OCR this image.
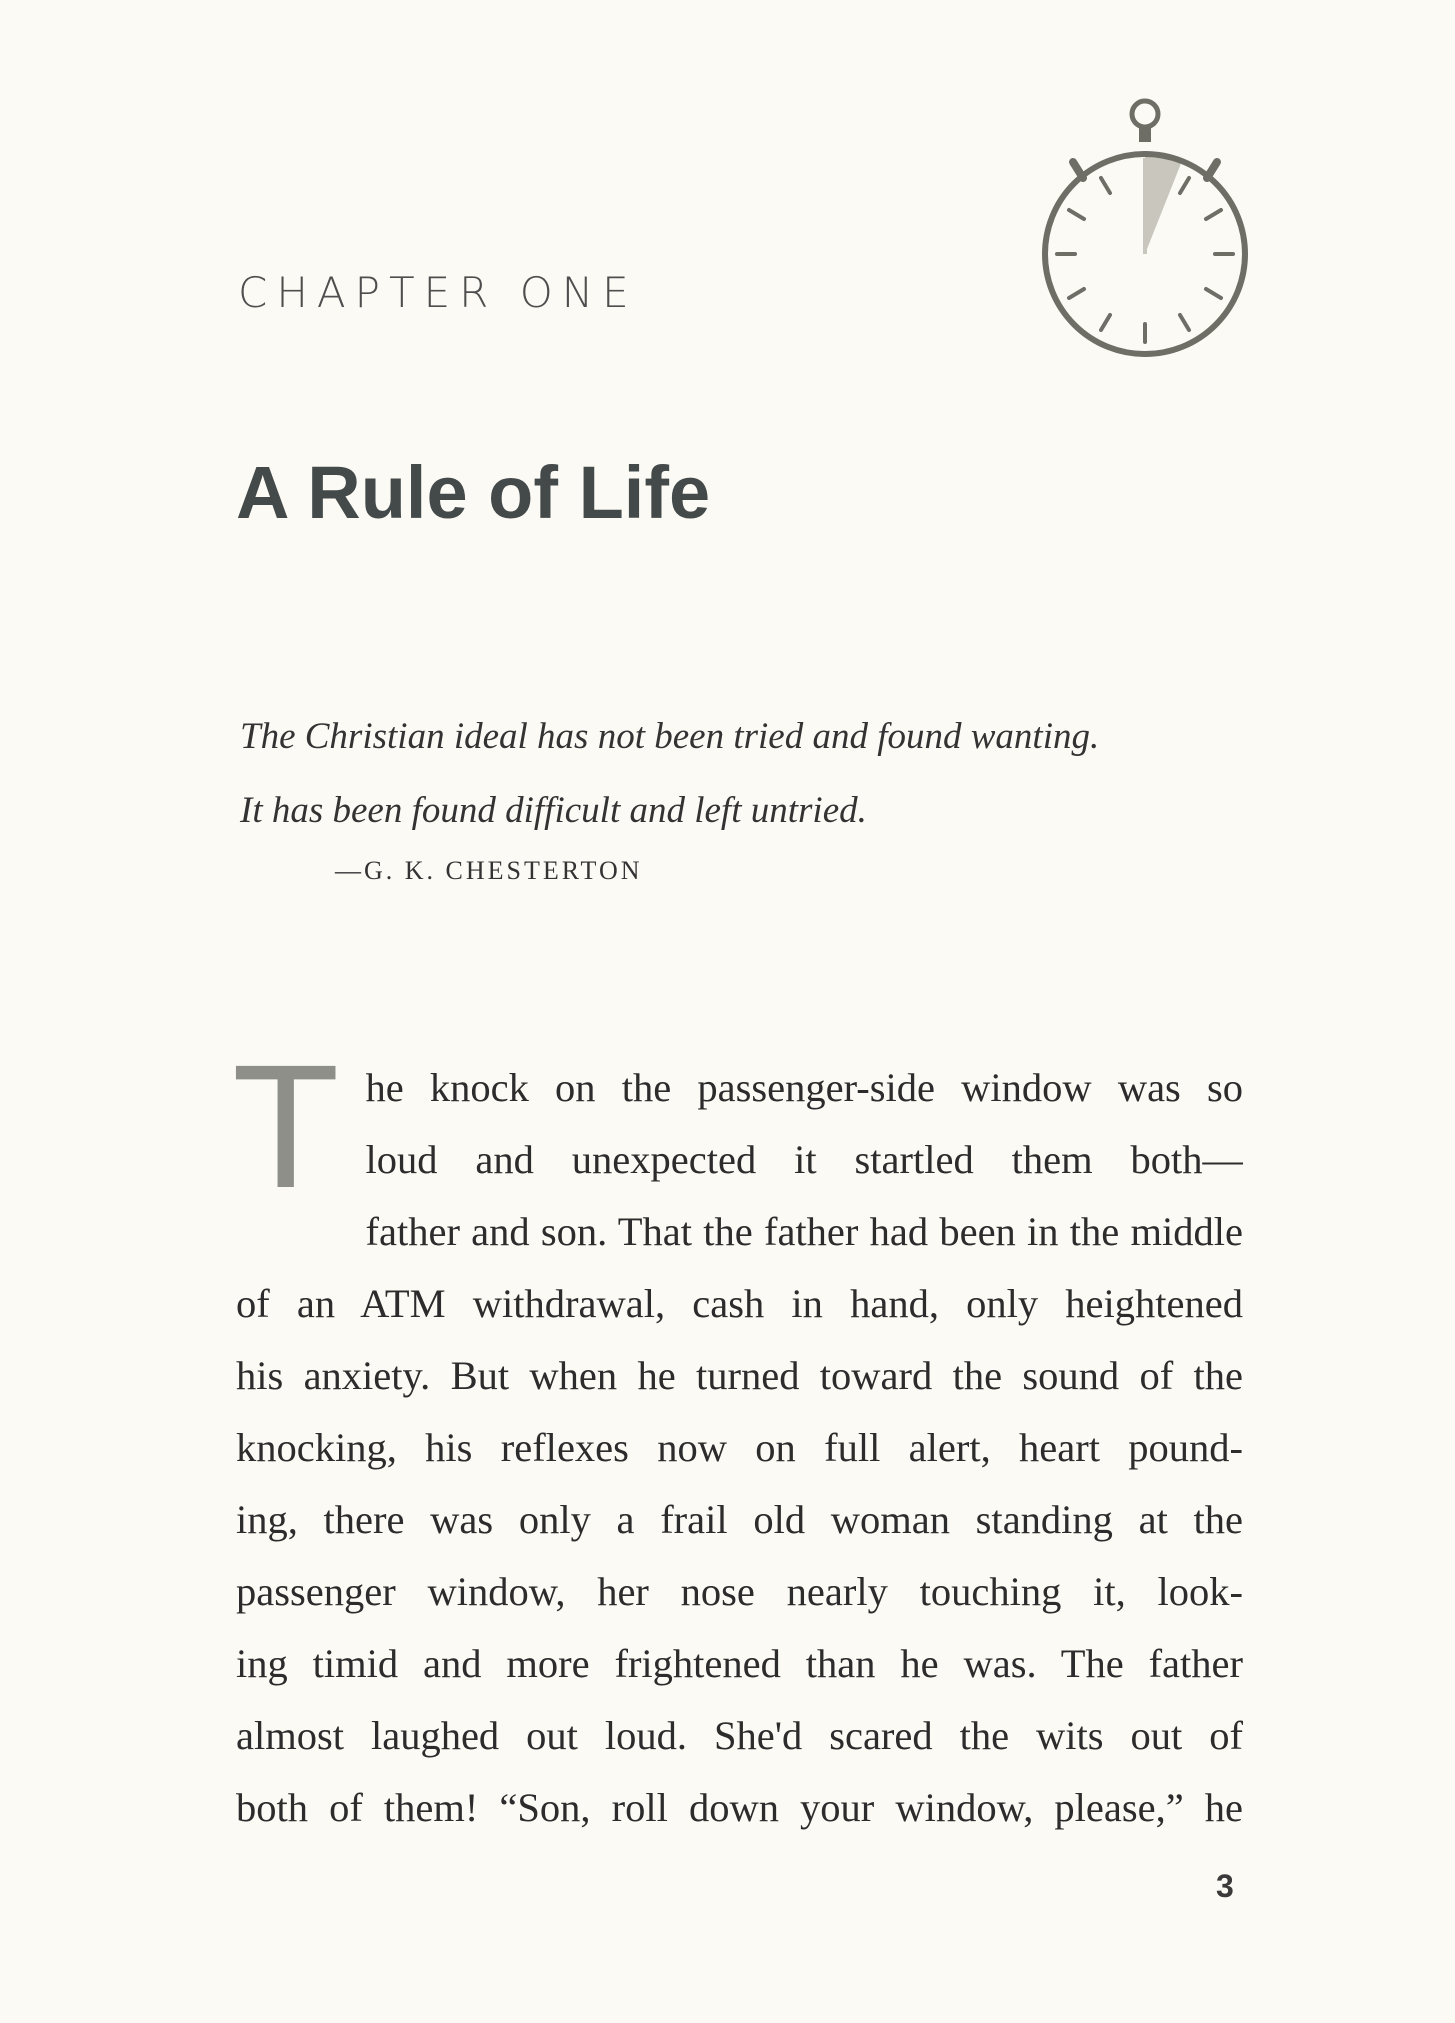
CHAPTER ONE
A Rule of Life
The Christian ideal has not been tried and found wanting.
It has been found difficult and left untried.
—G. K. CHESTERTON
T he knock on the passenger-side window was so
loud and unexpected it startled them both—
father and son. That the father had been in the middle
of an ATM withdrawal, cash in hand, only heightened
his anxiety. But when he turned toward the sound of the
knocking, his reflexes now on full alert, heart pound-
ing, there was only a frail old woman standing at the
passenger window, her nose nearly touching it, look-
ing timid and more frightened than he was. The father
almost laughed out loud. She'd scared the wits out of
both of them! “Son, roll down your window, please,” he
3
